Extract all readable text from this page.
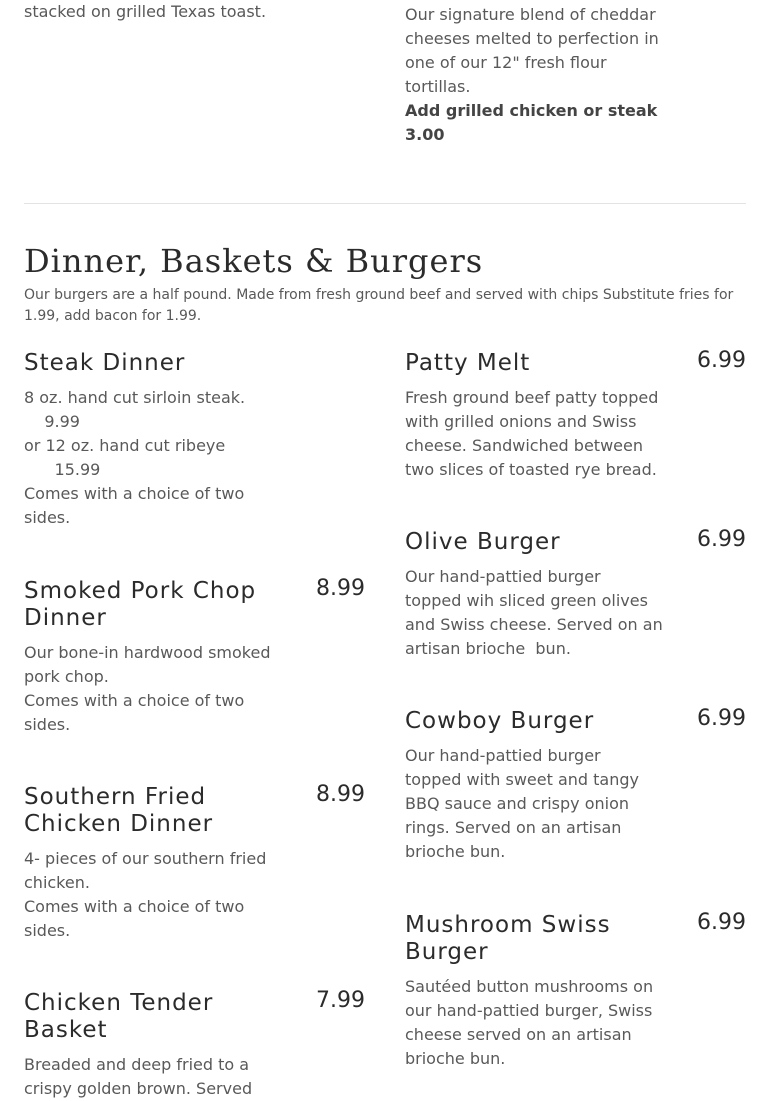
stacked on grilled Texas toast.	Our signature blend of cheddar
cheeses melted to perfection in
one of our 12" fresh flour
tortillas.
Add grilled chicken or steak
3.00

Dinner, Baskets & Burgers

Our burgers are a half pound. Made from fresh ground beef and served with chips Substitute fries for
1.99, add bacon for 1.99.

Steak Dinner

8 oz. hand cut sirloin steak.
9.99
or 12 oz. hand cut ribeye
15.99
Comes with a choice of two
sides.

Smoked Pork Chop
Dinner
8.99

Our bone-in hardwood smoked
pork chop.
Comes with a choice of two
sides.

Southern Fried
Chicken Dinner
8.99

4- pieces of our southern fried
chicken.
Comes with a choice of two
sides.

Chicken Tender
Basket
7.99

Breaded and deep fried to a
crispy golden brown. Served

Patty Melt	6.99

Fresh ground beef patty topped
with grilled onions and Swiss
cheese. Sandwiched between
two slices of toasted rye bread.

Olive Burger	6.99

Our hand-pattied burger
topped wih sliced green olives
and Swiss cheese. Served on an
artisan brioche  bun.

Cowboy Burger	6.99

Our hand-pattied burger
topped with sweet and tangy
BBQ sauce and crispy onion
rings. Served on an artisan
brioche bun.

Mushroom Swiss
Burger
6.99

Sautéed button mushrooms on
our hand-pattied burger, Swiss
cheese served on an artisan
brioche bun.
